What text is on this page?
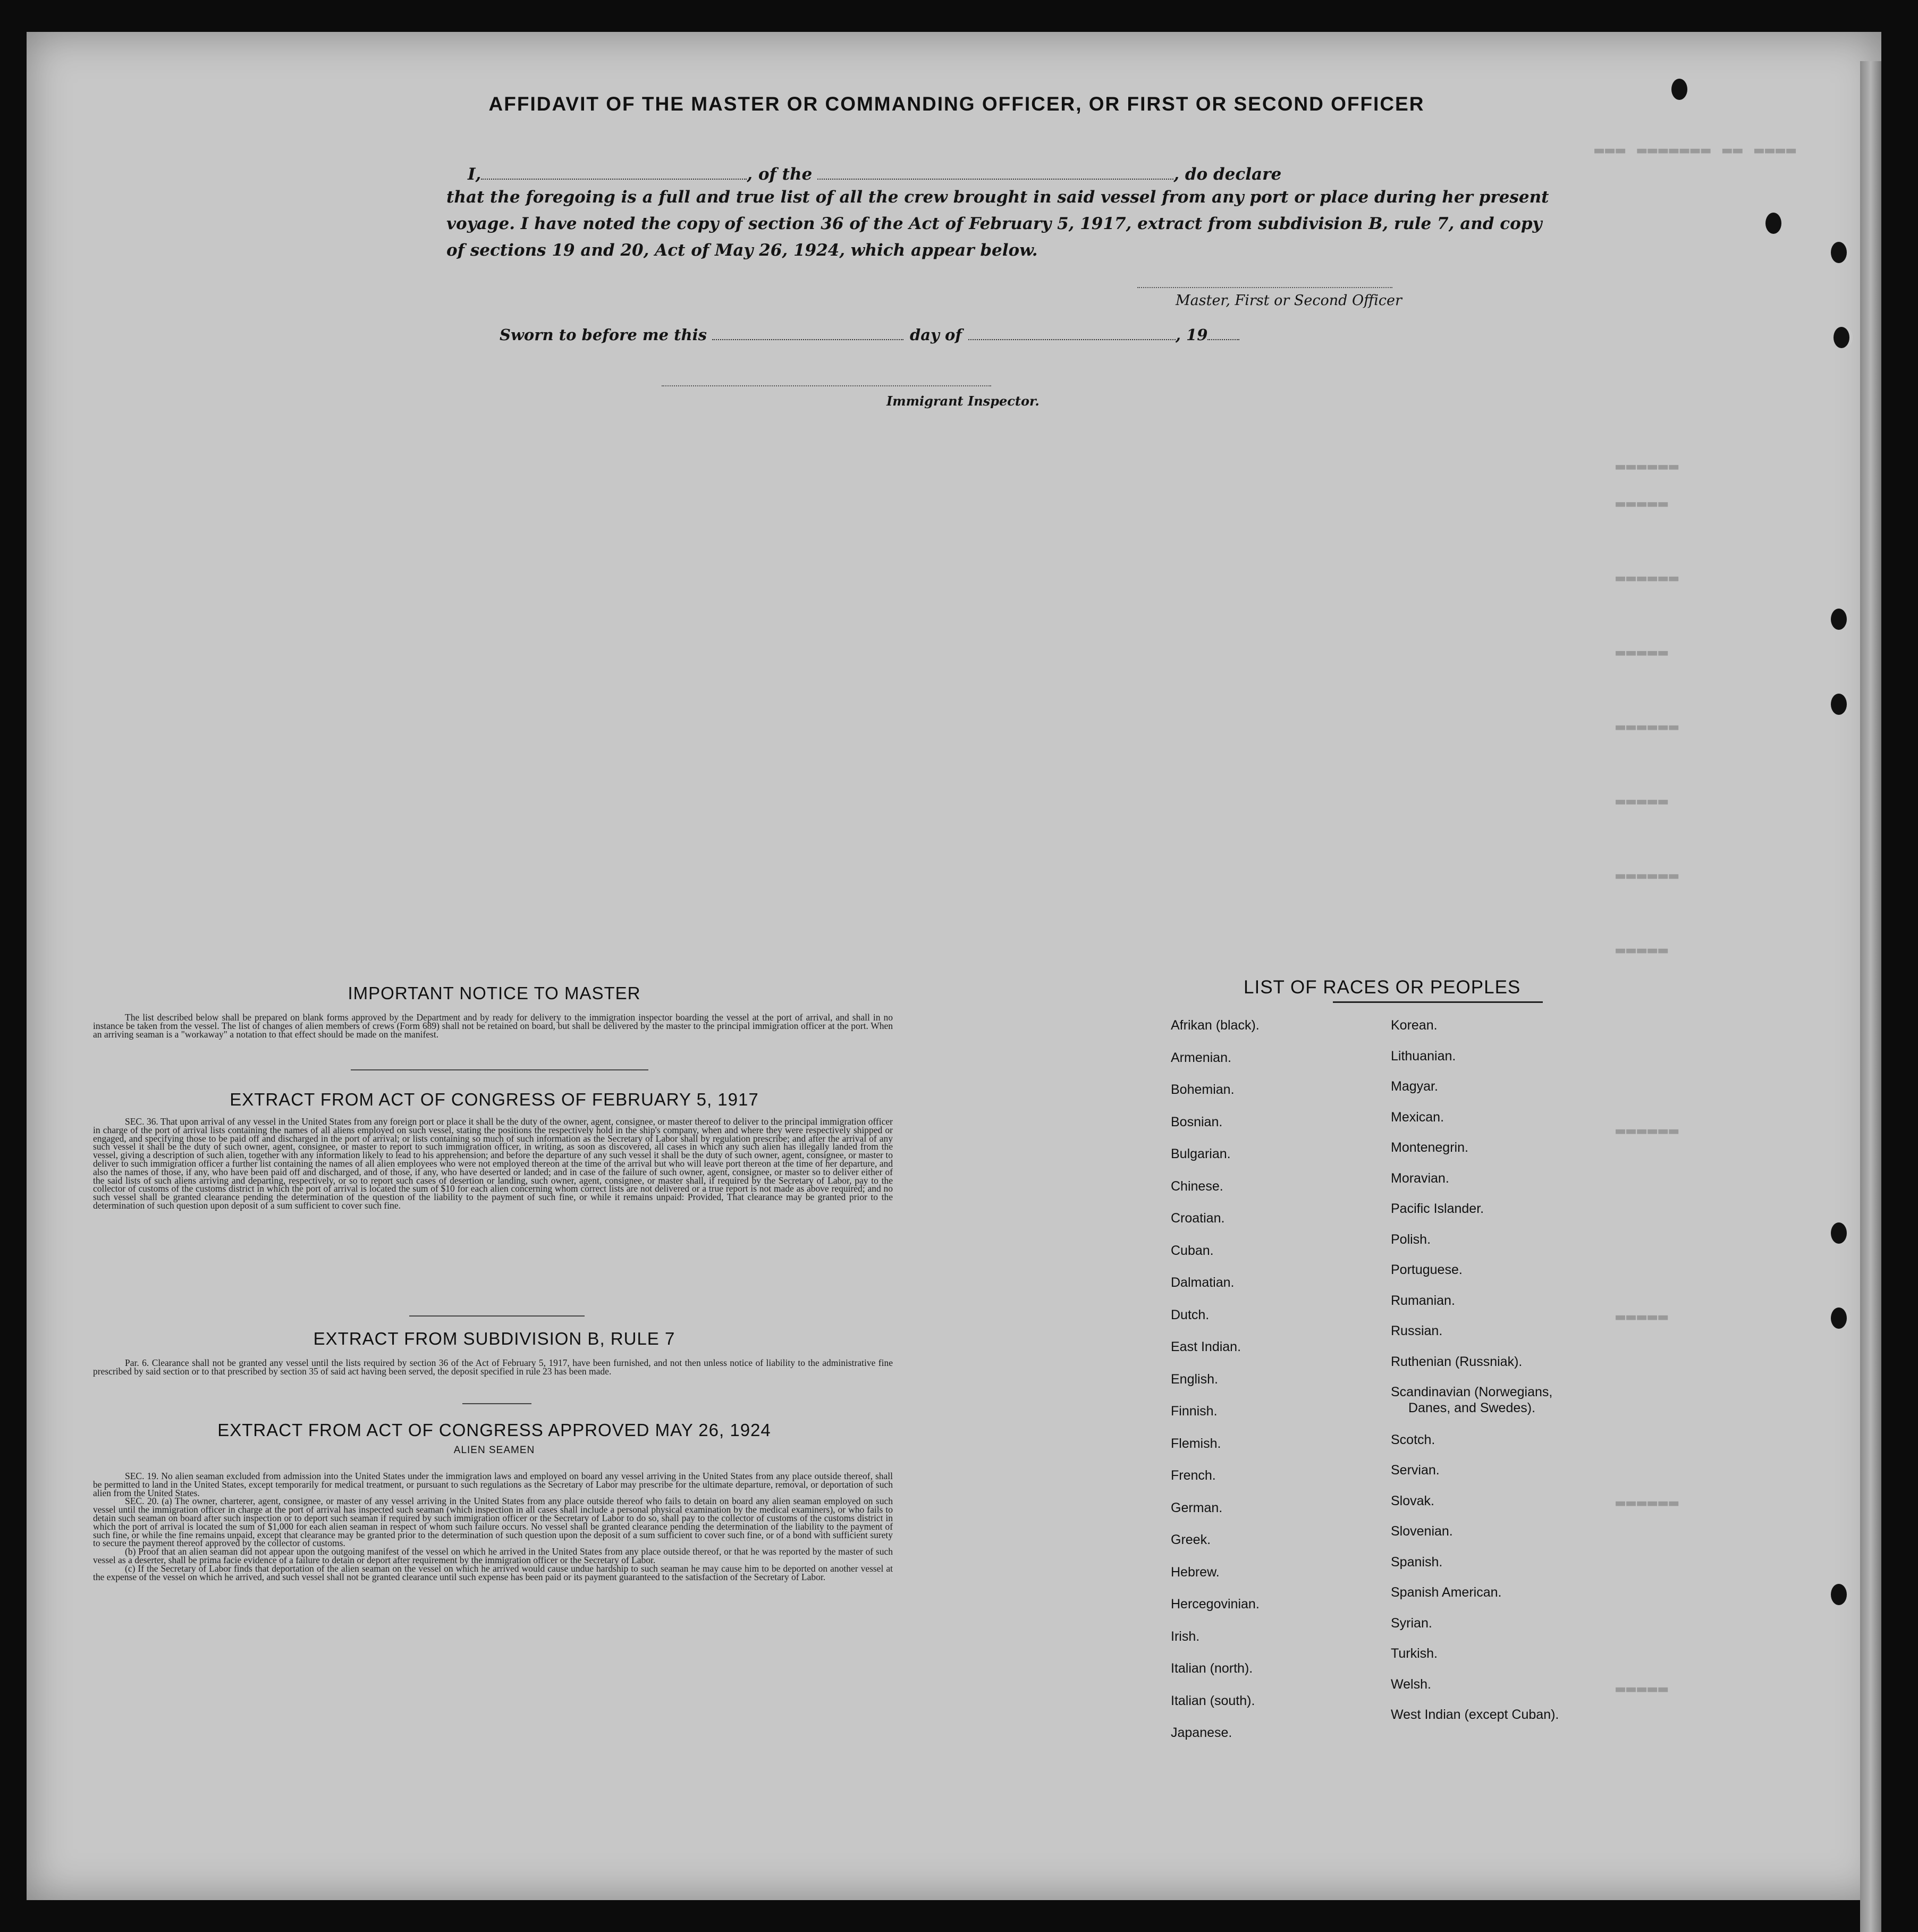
▬▬▬ ▬▬▬▬▬▬▬ ▬▬ ▬▬▬▬
▬▬▬▬▬▬
▬▬▬▬▬
▬▬▬▬▬▬
▬▬▬▬▬
▬▬▬▬▬▬
▬▬▬▬▬
▬▬▬▬▬▬
▬▬▬▬▬
▬▬▬▬▬▬
▬▬▬▬▬
▬▬▬▬▬▬
▬▬▬▬▬
AFFIDAVIT OF THE MASTER OR COMMANDING OFFICER, OR FIRST OR SECOND OFFICER
I,	, of the	, do declare
that the foregoing is a full and true list of all the crew brought in said vessel from any port or place during her present
voyage. I have noted the copy of section 36 of the Act of February 5, 1917, extract from subdivision B, rule 7, and copy
of sections 19 and 20, Act of May 26, 1924, which appear below.
Master, First or Second Officer
Sworn to before me this	day of	, 19
Immigrant Inspector.
IMPORTANT NOTICE TO MASTER

The list described below shall be prepared on blank forms approved by the Department and by ready for delivery to the immigration inspector boarding the vessel at the port of arrival, and shall in no instance be taken from the vessel. The list of changes of alien members of crews (Form 689) shall not be retained on board, but shall be delivered by the master to the principal immigration officer at the port. When an arriving seaman is a "workaway" a notation to that effect should be made on the manifest.

EXTRACT FROM ACT OF CONGRESS OF FEBRUARY 5, 1917

SEC. 36. That upon arrival of any vessel in the United States from any foreign port or place it shall be the duty of the owner, agent, consignee, or master thereof to deliver to the principal immigration officer in charge of the port of arrival lists containing the names of all aliens employed on such vessel, stating the positions the respectively hold in the ship's company, when and where they were respectively shipped or engaged, and specifying those to be paid off and discharged in the port of arrival; or lists containing so much of such information as the Secretary of Labor shall by regulation prescribe; and after the arrival of any such vessel it shall be the duty of such owner, agent, consignee, or master to report to such immigration officer, in writing, as soon as discovered, all cases in which any such alien has illegally landed from the vessel, giving a description of such alien, together with any information likely to lead to his apprehension; and before the departure of any such vessel it shall be the duty of such owner, agent, consignee, or master to deliver to such immigration officer a further list containing the names of all alien employees who were not employed thereon at the time of the arrival but who will leave port thereon at the time of her departure, and also the names of those, if any, who have been paid off and discharged, and of those, if any, who have deserted or landed; and in case of the failure of such owner, agent, consignee, or master so to deliver either of the said lists of such aliens arriving and departing, respectively, or so to report such cases of desertion or landing, such owner, agent, consignee, or master shall, if required by the Secretary of Labor, pay to the collector of customs of the customs district in which the port of arrival is located the sum of $10 for each alien concerning whom correct lists are not delivered or a true report is not made as above required; and no such vessel shall be granted clearance pending the determination of the question of the liability to the payment of such fine, or while it remains unpaid: Provided, That clearance may be granted prior to the determination of such question upon deposit of a sum sufficient to cover such fine.

EXTRACT FROM SUBDIVISION B, RULE 7

Par. 6. Clearance shall not be granted any vessel until the lists required by section 36 of the Act of February 5, 1917, have been furnished, and not then unless notice of liability to the administrative fine prescribed by said section or to that prescribed by section 35 of said act having been served, the deposit specified in rule 23 has been made.

EXTRACT FROM ACT OF CONGRESS APPROVED MAY 26, 1924
ALIEN SEAMEN

SEC. 19. No alien seaman excluded from admission into the United States under the immigration laws and employed on board any vessel arriving in the United States from any place outside thereof, shall be permitted to land in the United States, except temporarily for medical treatment, or pursuant to such regulations as the Secretary of Labor may prescribe for the ultimate departure, removal, or deportation of such alien from the United States.

SEC. 20. (a) The owner, charterer, agent, consignee, or master of any vessel arriving in the United States from any place outside thereof who fails to detain on board any alien seaman employed on such vessel until the immigration officer in charge at the port of arrival has inspected such seaman (which inspection in all cases shall include a personal physical examination by the medical examiners), or who fails to detain such seaman on board after such inspection or to deport such seaman if required by such immigration officer or the Secretary of Labor to do so, shall pay to the collector of customs of the customs district in which the port of arrival is located the sum of $1,000 for each alien seaman in respect of whom such failure occurs. No vessel shall be granted clearance pending the determination of the liability to the payment of such fine, or while the fine remains unpaid, except that clearance may be granted prior to the determination of such question upon the deposit of a sum sufficient to cover such fine, or of a bond with sufficient surety to secure the payment thereof approved by the collector of customs.

(b) Proof that an alien seaman did not appear upon the outgoing manifest of the vessel on which he arrived in the United States from any place outside thereof, or that he was reported by the master of such vessel as a deserter, shall be prima facie evidence of a failure to detain or deport after requirement by the immigration officer or the Secretary of Labor.

(c) If the Secretary of Labor finds that deportation of the alien seaman on the vessel on which he arrived would cause undue hardship to such seaman he may cause him to be deported on another vessel at the expense of the vessel on which he arrived, and such vessel shall not be granted clearance until such expense has been paid or its payment guaranteed to the satisfaction of the Secretary of Labor.

LIST OF RACES OR PEOPLES
Afrikan (black).
Armenian.
Bohemian.
Bosnian.
Bulgarian.
Chinese.
Croatian.
Cuban.
Dalmatian.
Dutch.
East Indian.
English.
Finnish.
Flemish.
French.
German.
Greek.
Hebrew.
Hercegovinian.
Irish.
Italian (north).
Italian (south).
Japanese.
Korean.
Lithuanian.
Magyar.
Mexican.
Montenegrin.
Moravian.
Pacific Islander.
Polish.
Portuguese.
Rumanian.
Russian.
Ruthenian (Russniak).
Scandinavian (Norwegians,
Danes, and Swedes).
Scotch.
Servian.
Slovak.
Slovenian.
Spanish.
Spanish American.
Syrian.
Turkish.
Welsh.
West Indian (except Cuban).
